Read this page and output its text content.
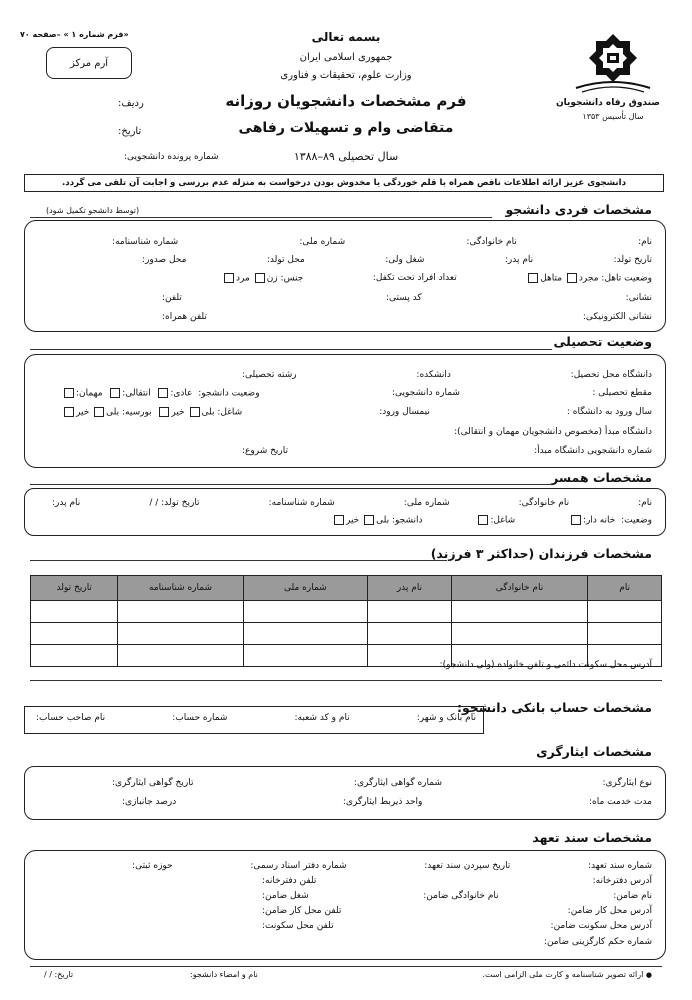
«فرم شماره ۱ » –صفحه ۷۰
آرم مرکز
بسمه تعالی
جمهوری اسلامی ایران
وزارت علوم، تحقیقات و فناوری
فرم مشخصات دانشجویان روزانه
متقاضی وام و تسهیلات رفاهی
سال تحصیلی ۸۹–۱۳۸۸
ردیف:
تاریخ:
شماره پرونده دانشجویی:
صندوق رفاه دانشجویان
سال تأسیس ۱۳۵۳
دانشجوی عزیز ارائه اطلاعات ناقص همراه با قلم خوردگی یا مخدوش بودن درخواست به منزله عدم بررسی و اجابت آن تلقی می گردد.
مشخصات فردی دانشجو
(توسط دانشجو تکمیل شود)
نام:
نام خانوادگی:
شماره ملی:
شماره شناسنامه:
تاریخ تولد:
نام پدر:
شغل ولی:
محل تولد:
محل صدور:
وضعیت تاهل: مجرد متاهل
تعداد افراد تحت تکفل:
جنس: زن مرد
نشانی:
کد پستی:
تلفن:
نشانی الکترونیکی:
تلفن همراه:
وضعیت تحصیلی
دانشگاه محل تحصیل:
دانشکده:
رشته تحصیلی:
مقطع تحصیلی :
شماره دانشجویی:
وضعیت دانشجو:  عادی:  انتقالی:  مهمان:
سال ورود به دانشگاه :
نیمسال ورود:
شاغل: بلی خیر  بورسیه: بلی خیر
دانشگاه مبدأ (مخصوص دانشجویان مهمان و انتقالی):
شماره دانشجویی دانشگاه مبدأ:
تاریخ شروع:
مشخصات همسر
نام:
نام خانوادگی:
شماره ملی:
شماره شناسنامه:
تاریخ تولد: / /
نام پدر:
وضعیت:  خانه دار:
شاغل:
دانشجو: بلی خیر
مشخصات فرزندان (حداکثر ۳ فرزند)
نام	نام خانوادگی	نام پدر	شماره ملی	شماره شناسنامه	تاریخ تولد

آدرس محل سکونت دائمی و تلفن خانواده (ولی دانشجو):
مشخصات حساب بانکی دانشجو:
نام بانک و شهر:
نام و کد شعبه:
شماره حساب:
نام صاحب حساب:
مشخصات ایثارگری
نوع ایثارگری:
شماره گواهی ایثارگری:
تاریخ گواهی ایثارگری:
مدت خدمت ماه:
واحد ذیربط ایثارگری:
درصد جانبازی:
مشخصات سند تعهد
شماره سند تعهد:
تاریخ سپردن سند تعهد:
شماره دفتر اسناد رسمی:
حوزه ثبتی:
آدرس دفترخانه:
تلفن دفترخانه:
نام ضامن:
نام خانوادگی ضامن:
شغل ضامن:
آدرس محل کار ضامن:
تلفن محل کار ضامن:
آدرس محل سکونت ضامن:
تلفن محل سکونت:
شماره حکم کارگزینی ضامن:
● ارائه تصویر شناسنامه و کارت ملی الزامی است.
نام و امضاء دانشجو:
تاریخ: / /
